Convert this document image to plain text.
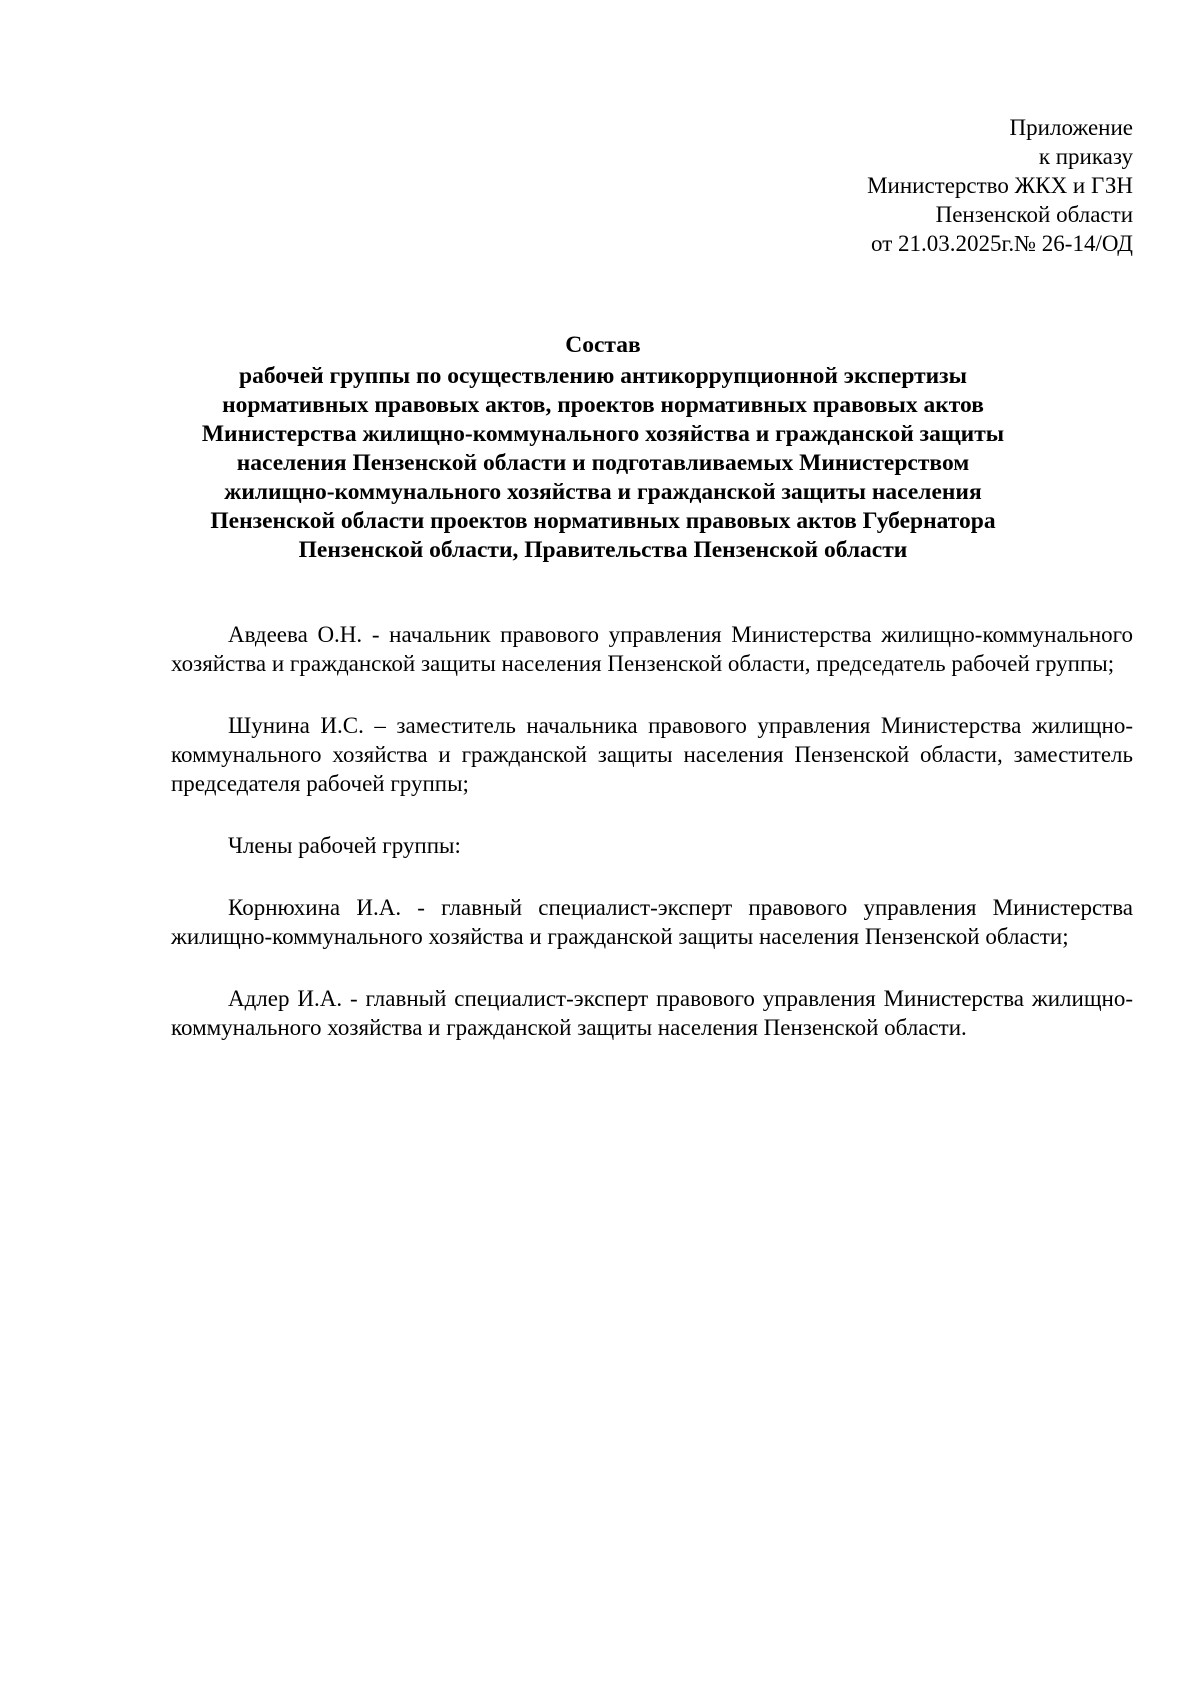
Приложение
к приказу
Министерство ЖКХ и ГЗН
Пензенской области
от 21.03.2025г.№ 26-14/ОД
Состав
рабочей группы по осуществлению антикоррупционной экспертизы
нормативных правовых актов, проектов нормативных правовых актов
Министерства жилищно-коммунального хозяйства и гражданской защиты
населения Пензенской области и подготавливаемых Министерством
жилищно-коммунального хозяйства и гражданской защиты населения
Пензенской области проектов нормативных правовых актов Губернатора
Пензенской области, Правительства Пензенской области

Авдеева О.Н. - начальник правового управления Министерства жилищно-коммунального хозяйства и гражданской защиты населения Пензенской области, председатель рабочей группы;

Шунина И.С. – заместитель начальника правового управления Министерства жилищно-коммунального хозяйства и гражданской защиты населения Пензенской области, заместитель председателя рабочей группы;

Члены рабочей группы:

Корнюхина И.А. - главный специалист-эксперт правового управления Министерства жилищно-коммунального хозяйства и гражданской защиты населения Пензенской области;

Адлер И.А. - главный специалист-эксперт правового управления Министерства жилищно-коммунального хозяйства и гражданской защиты населения Пензенской области.
